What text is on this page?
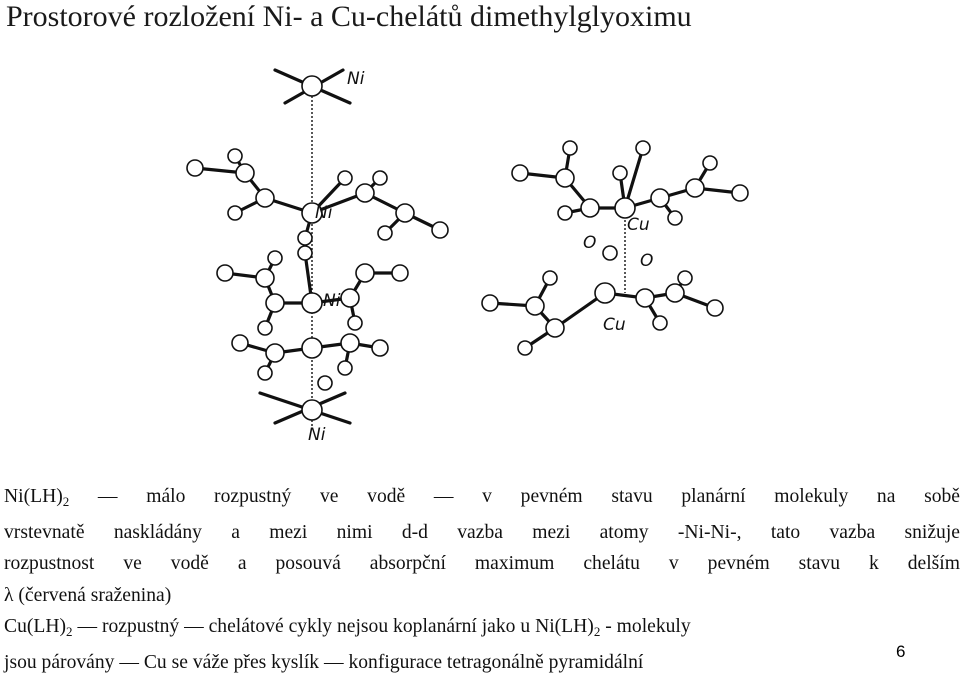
Prostorové rozložení Ni- a Cu-chelátů dimethylglyoximu
Ni
Ni
Ni
Ni
Cu
Cu
O
O
$Ni(LH)_2$ — málo rozpustný ve vodě — v pevném stavu planární molekuly na sobě
vrstevnatě naskládány a mezi nimi d-d vazba mezi atomy -Ni-Ni-, tato vazba snižuje
rozpustnost ve vodě a posouvá absorpční maximum chelátu v pevném stavu k delším
λ (červená sraženina)
$Cu(LH)_2$ — rozpustný — chelátové cykly nejsou koplanární jako u $Ni(LH)_2$ - molekuly
jsou párovány — Cu se váže přes kyslík — konfigurace tetragonálně pyramidální
6
